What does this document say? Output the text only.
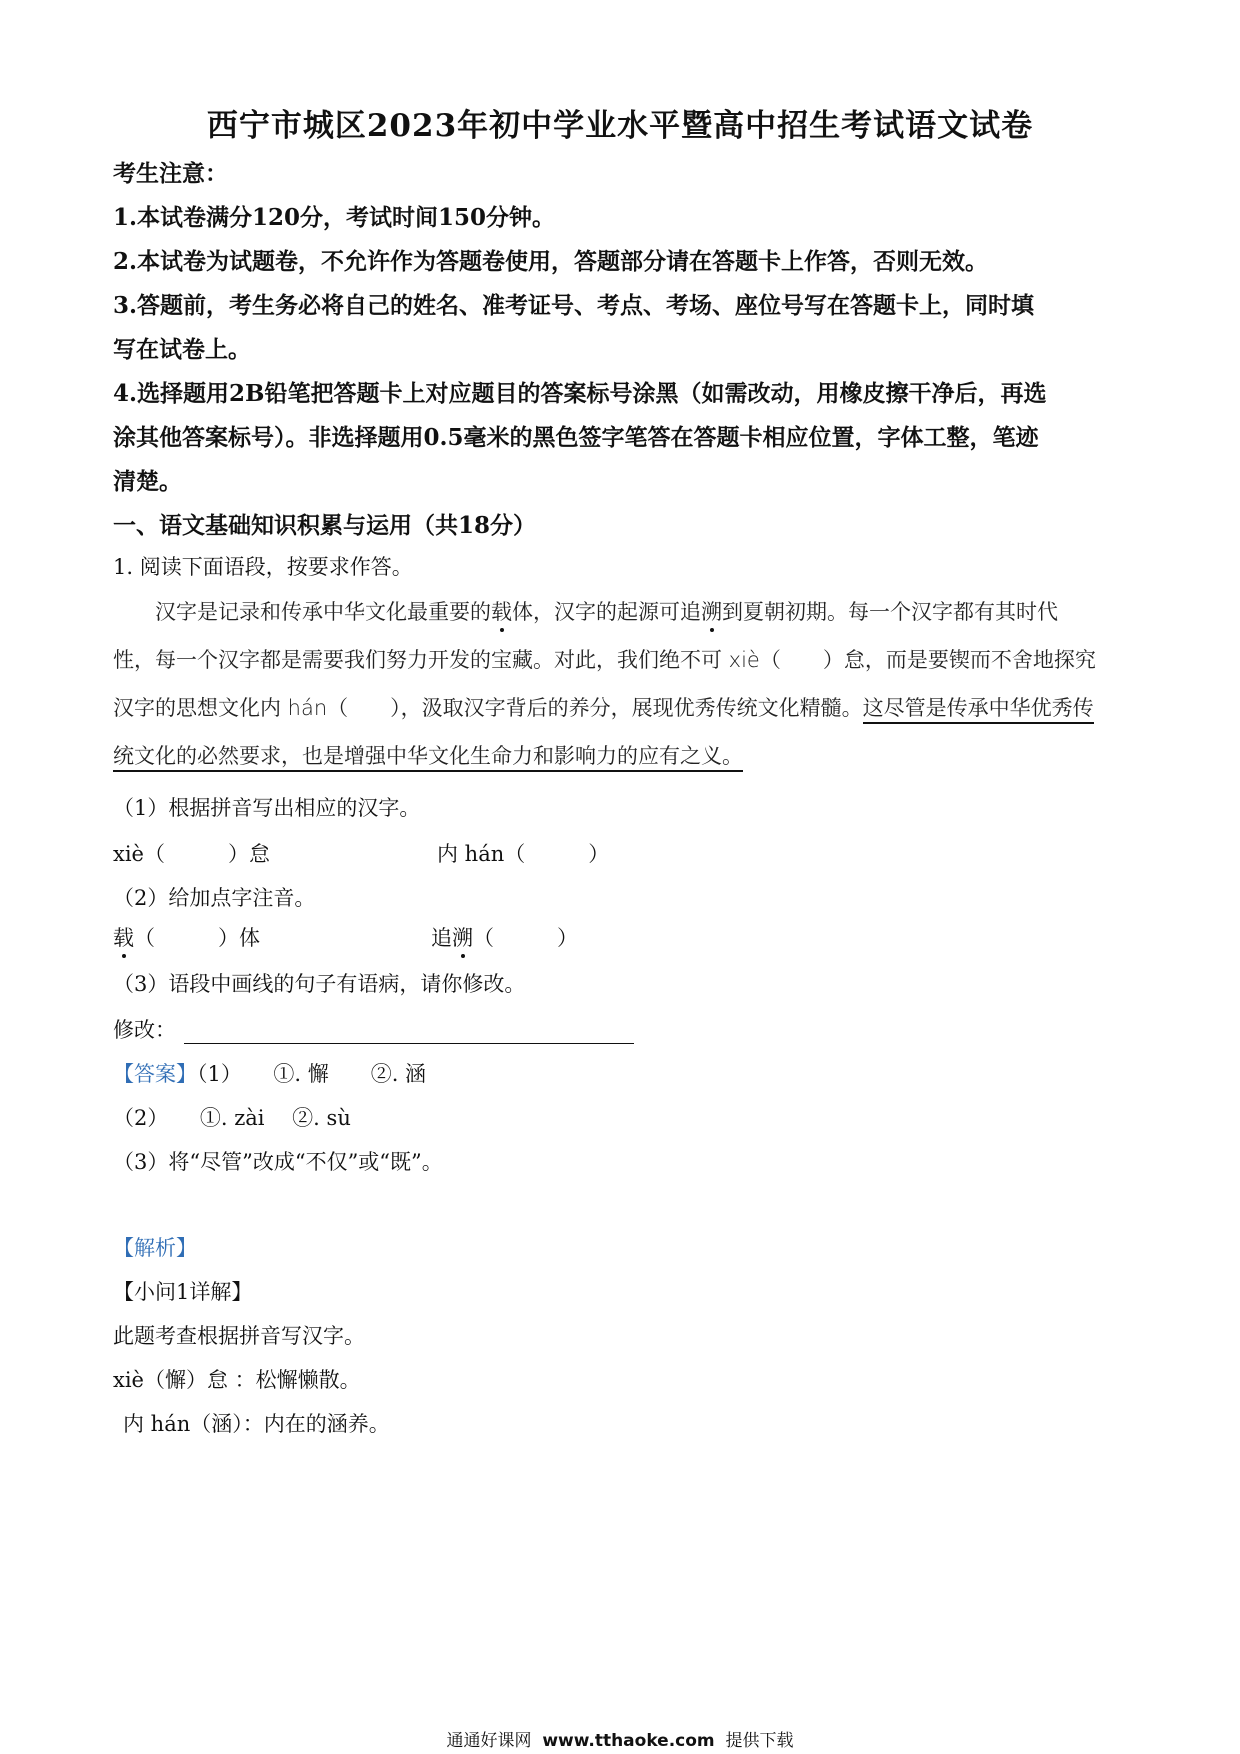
西宁市城区2023年初中学业水平暨高中招生考试语文试卷
考生注意：
1.本试卷满分120分，考试时间150分钟。
2.本试卷为试题卷，不允许作为答题卷使用，答题部分请在答题卡上作答，否则无效。
3.答题前，考生务必将自己的姓名、准考证号、考点、考场、座位号写在答题卡上，同时填
写在试卷上。
4.选择题用2B铅笔把答题卡上对应题目的答案标号涂黑（如需改动，用橡皮擦干净后，再选
涂其他答案标号）。非选择题用0.5毫米的黑色签字笔答在答题卡相应位置，字体工整，笔迹
清楚。
一、语文基础知识积累与运用（共18分）
1. 阅读下面语段，按要求作答。
汉字是记录和传承中华文化最重要的载体，汉字的起源可追溯到夏朝初期。每一个汉字都有其时代
性，每一个汉字都是需要我们努力开发的宝藏。对此，我们绝不可 xiè（　　）怠，而是要锲而不舍地探究
汉字的思想文化内 hán（　　），汲取汉字背后的养分，展现优秀传统文化精髓。这尽管是传承中华优秀传
统文化的必然要求，也是增强中华文化生命力和影响力的应有之义。
（1）根据拼音写出相应的汉字。
xiè（　　　）怠	内 hán（　　　）
（2）给加点字注音。
载（　　　）体	追溯（　　　）
（3）语段中画线的句子有语病，请你修改。
修改：
【答案】（1）　　①. 懈　　②. 涵
（2）　　①. zài　 ②. sù
（3）将“尽管”改成“不仅”或“既”。
【解析】
【小问1详解】
此题考查根据拼音写汉字。
xiè（懈）怠 ：松懈懒散。
内 hán（涵）：内在的涵养。
通通好课网 www.tthaoke.com 提供下载
